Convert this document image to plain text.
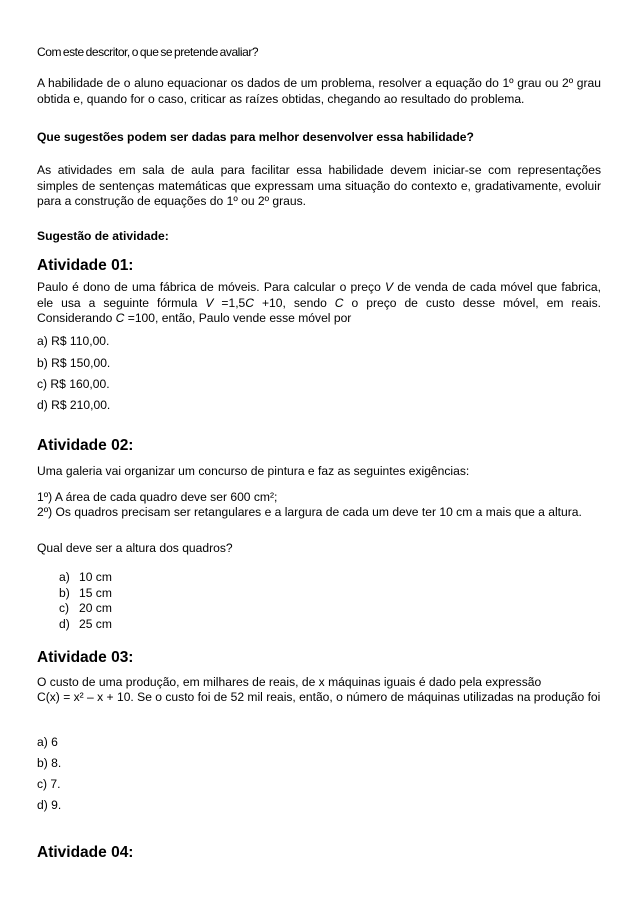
Com este descritor, o que se pretende avaliar?
A habilidade de o aluno equacionar os dados de um problema, resolver a equação do 1º grau ou 2º grau obtida e, quando for o caso, criticar as raízes obtidas, chegando ao resultado do problema.
Que sugestões podem ser dadas para melhor desenvolver essa habilidade?
As atividades em sala de aula para facilitar essa habilidade devem iniciar-se com representações simples de sentenças matemáticas que expressam uma situação do contexto e, gradativamente, evoluir para a construção de equações do 1º ou 2º graus.
Sugestão de atividade:
Atividade 01:
Paulo é dono de uma fábrica de móveis. Para calcular o preço V de venda de cada móvel que fabrica, ele usa a seguinte fórmula V =1,5C +10, sendo C o preço de custo desse móvel, em reais. Considerando C =100, então, Paulo vende esse móvel por
a) R$ 110,00.
b) R$ 150,00.
c) R$ 160,00.
d) R$ 210,00.
Atividade 02:
Uma galeria vai organizar um concurso de pintura e faz as seguintes exigências:
1º) A área de cada quadro deve ser 600 cm²;
2º) Os quadros precisam ser retangulares e a largura de cada um deve ter 10 cm a mais que a altura.
Qual deve ser a altura dos quadros?
a) 10 cm
b) 15 cm
c) 20 cm
d) 25 cm
Atividade 03:
O custo de uma produção, em milhares de reais, de x máquinas iguais é dado pela expressão
C(x) = x² – x + 10. Se o custo foi de 52 mil reais, então, o número de máquinas utilizadas na produção foi
a) 6
b) 8.
c) 7.
d) 9.
Atividade 04:
